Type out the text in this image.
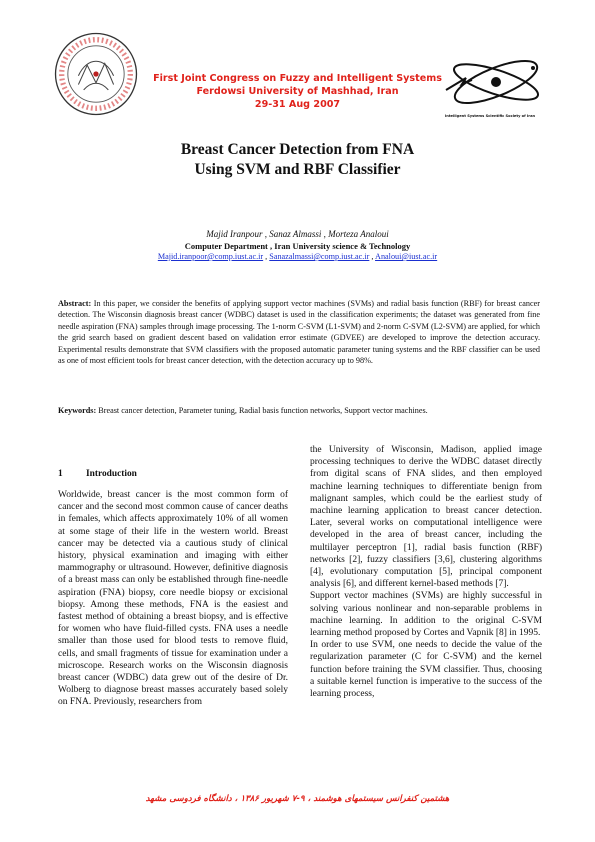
First Joint Congress on Fuzzy and Intelligent Systems
Ferdowsi University of Mashhad, Iran
29-31 Aug 2007
Intelligent Systems Scientific Society of Iran
Breast Cancer Detection from FNA
Using SVM and RBF Classifier
Majid Iranpour , Sanaz Almassi , Morteza Analoui
Computer Department , Iran University science & Technology
Majid.iranpoor@comp.iust.ac.ir , Sanazalmassi@comp.iust.ac.ir , Analoui@iust.ac.ir
Abstract: In this paper, we consider the benefits of applying support vector machines (SVMs) and radial basis function (RBF) for breast cancer detection. The Wisconsin diagnosis breast cancer (WDBC) dataset is used in the classification experiments; the dataset was generated from fine needle aspiration (FNA) samples through image processing. The 1-norm C-SVM (L1-SVM) and 2-norm C-SVM (L2-SVM) are applied, for which the grid search based on gradient descent based on validation error estimate (GDVEE) are developed to improve the detection accuracy. Experimental results demonstrate that SVM classifiers with the proposed automatic parameter tuning systems and the RBF classifier can be used as one of most efficient tools for breast cancer detection, with the detection accuracy up to 98%.
Keywords: Breast cancer detection, Parameter tuning, Radial basis function networks, Support vector machines.
1 Introduction

Worldwide, breast cancer is the most common form of cancer and the second most common cause of cancer deaths in females, which affects approximately 10% of all women at some stage of their life in the western world. Breast cancer may be detected via a cautious study of clinical history, physical examination and imaging with either mammography or ultrasound. However, definitive diagnosis of a breast mass can only be established through fine-needle aspiration (FNA) biopsy, core needle biopsy or excisional biopsy. Among these methods, FNA is the easiest and fastest method of obtaining a breast biopsy, and is effective for women who have fluid-filled cysts. FNA uses a needle smaller than those used for blood tests to remove fluid, cells, and small fragments of tissue for examination under a microscope. Research works on the Wisconsin diagnosis breast cancer (WDBC) data grew out of the desire of Dr. Wolberg to diagnose breast masses accurately based solely on FNA. Previously, researchers from

the University of Wisconsin, Madison, applied image processing techniques to derive the WDBC dataset directly from digital scans of FNA slides, and then employed machine learning techniques to differentiate benign from malignant samples, which could be the earliest study of machine learning application to breast cancer detection. Later, several works on computational intelligence were developed in the area of breast cancer, including the multilayer perceptron [1], radial basis function (RBF) networks [2], fuzzy classifiers [3,6], clustering algorithms [4], evolutionary computation [5], principal component analysis [6], and different kernel-based methods [7].

Support vector machines (SVMs) are highly successful in solving various nonlinear and non-separable problems in machine learning. In addition to the original C-SVM learning method proposed by Cortes and Vapnik [8] in 1995.

In order to use SVM, one needs to decide the value of the regularization parameter (C for C-SVM) and the kernel function before training the SVM classifier. Thus, choosing a suitable kernel function is imperative to the success of the learning process,

هشتمین کنفرانس سیستمهای هوشمند ، ۹-۷ شهریور ۱۳۸۶ ، دانشگاه فردوسی مشهد
